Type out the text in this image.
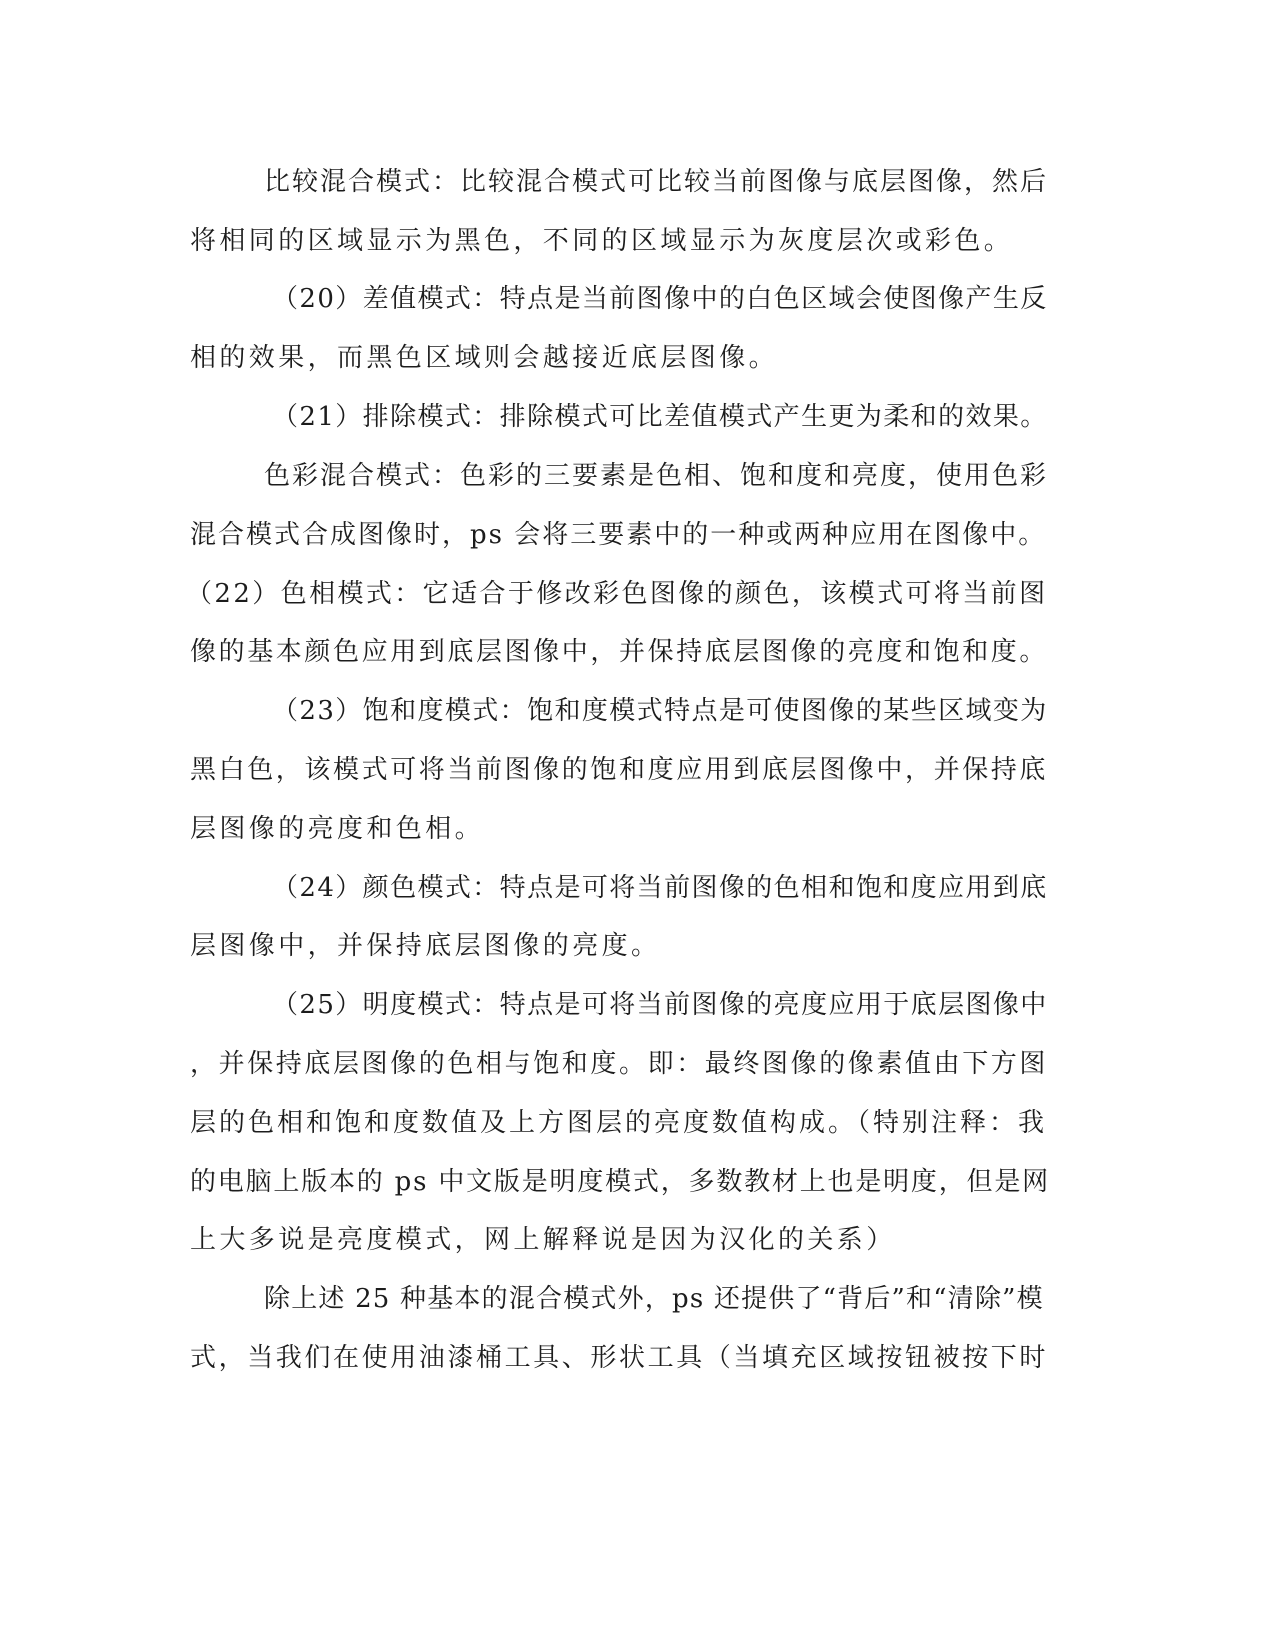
比较混合模式：比较混合模式可比较当前图像与底层图像，然后
将相同的区域显示为黑色，不同的区域显示为灰度层次或彩色。
（20）差值模式：特点是当前图像中的白色区域会使图像产生反
相的效果，而黑色区域则会越接近底层图像。
（21）排除模式：排除模式可比差值模式产生更为柔和的效果。
色彩混合模式：色彩的三要素是色相、饱和度和亮度，使用色彩
混合模式合成图像时，ps 会将三要素中的一种或两种应用在图像中。
（22）色相模式：它适合于修改彩色图像的颜色，该模式可将当前图
像的基本颜色应用到底层图像中，并保持底层图像的亮度和饱和度。
（23）饱和度模式：饱和度模式特点是可使图像的某些区域变为
黑白色，该模式可将当前图像的饱和度应用到底层图像中，并保持底
层图像的亮度和色相。
（24）颜色模式：特点是可将当前图像的色相和饱和度应用到底
层图像中，并保持底层图像的亮度。
（25）明度模式：特点是可将当前图像的亮度应用于底层图像中
，并保持底层图像的色相与饱和度。即：最终图像的像素值由下方图
层的色相和饱和度数值及上方图层的亮度数值构成。（特别注释：我
的电脑上版本的 ps 中文版是明度模式，多数教材上也是明度，但是网
上大多说是亮度模式，网上解释说是因为汉化的关系）
除上述 25 种基本的混合模式外，ps 还提供了“背后”和“清除”模
式，当我们在使用油漆桶工具、形状工具（当填充区域按钮被按下时
